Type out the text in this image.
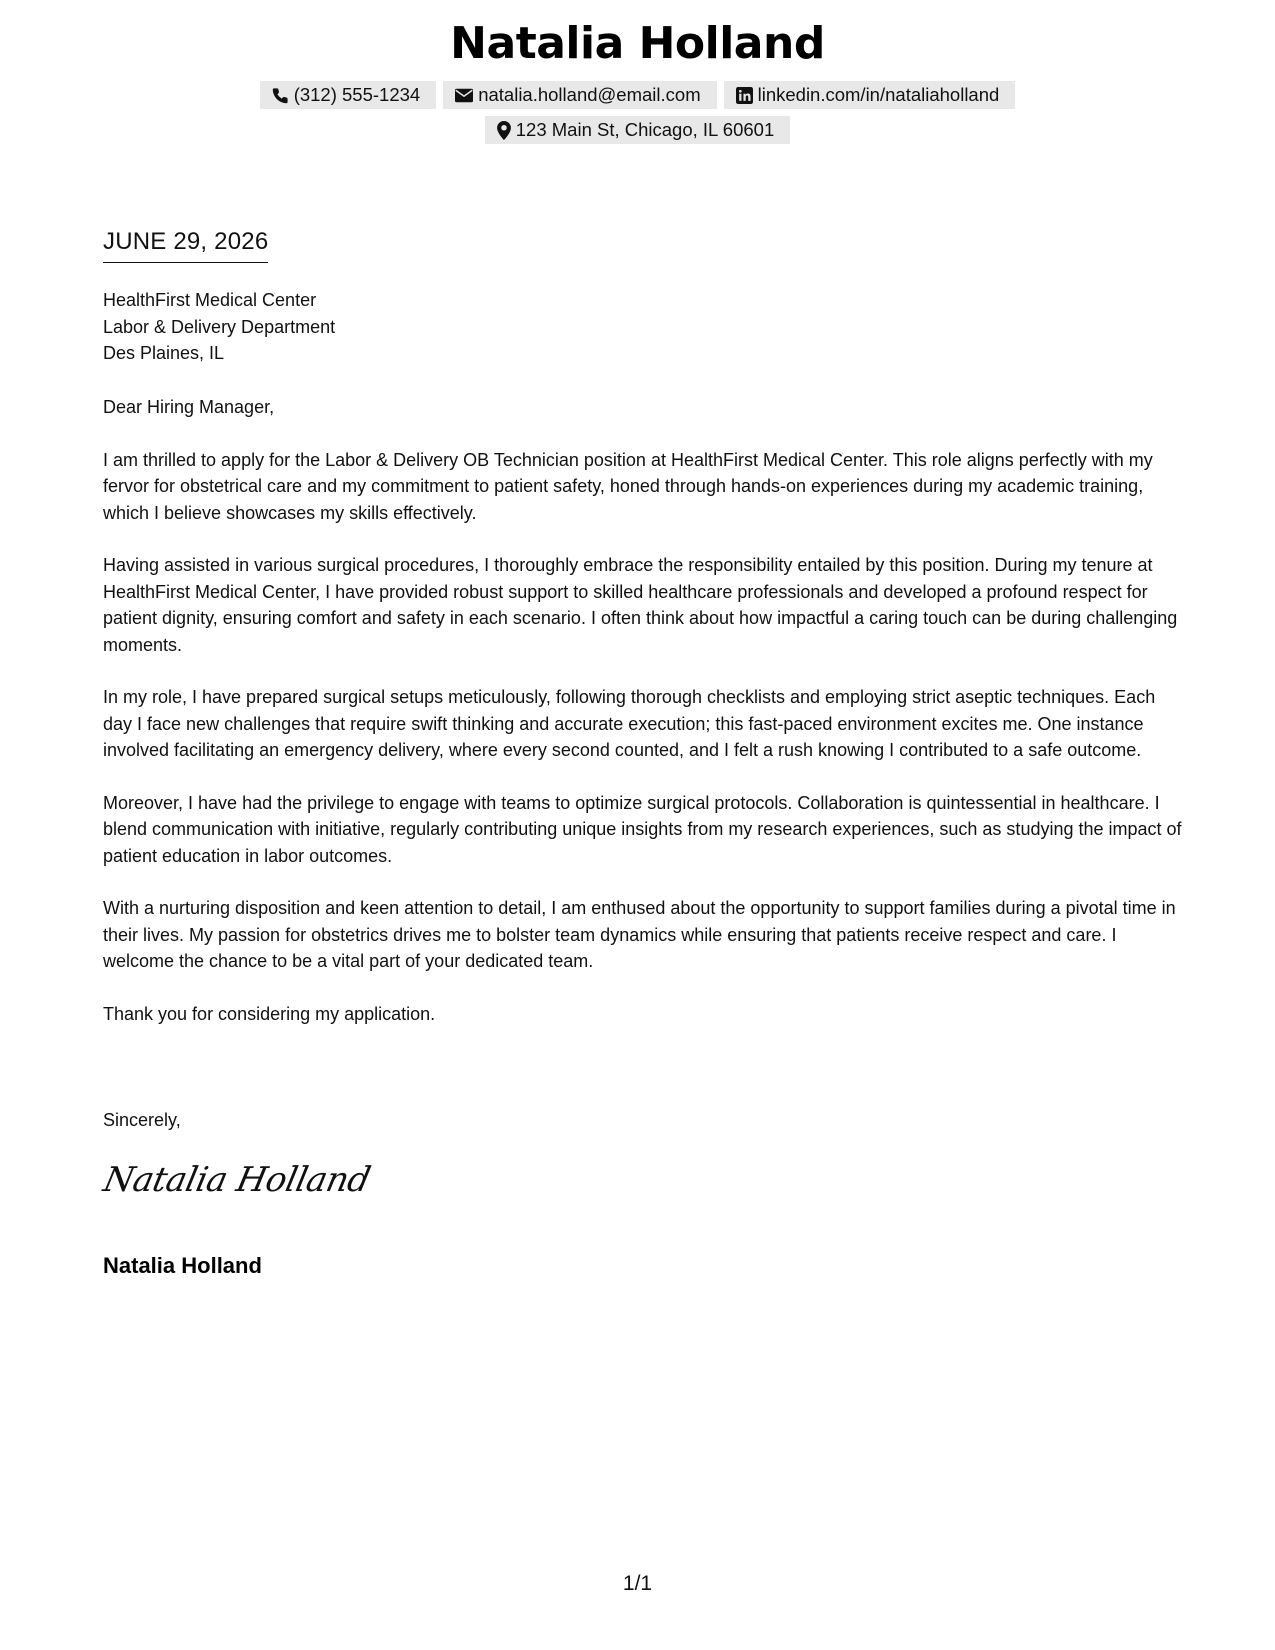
Natalia Holland
(312) 555-1234	natalia.holland@email.com	linkedin.com/in/nataliaholland
123 Main St, Chicago, IL 60601
JUNE 29, 2026
HealthFirst Medical Center
Labor & Delivery Department
Des Plaines, IL

Dear Hiring Manager,

I am thrilled to apply for the Labor & Delivery OB Technician position at HealthFirst Medical Center. This role aligns perfectly with my fervor for obstetrical care and my commitment to patient safety, honed through hands-on experiences during my academic training, which I believe showcases my skills effectively.

Having assisted in various surgical procedures, I thoroughly embrace the responsibility entailed by this position. During my tenure at HealthFirst Medical Center, I have provided robust support to skilled healthcare professionals and developed a profound respect for patient dignity, ensuring comfort and safety in each scenario. I often think about how impactful a caring touch can be during challenging moments.

In my role, I have prepared surgical setups meticulously, following thorough checklists and employing strict aseptic techniques. Each day I face new challenges that require swift thinking and accurate execution; this fast-paced environment excites me. One instance involved facilitating an emergency delivery, where every second counted, and I felt a rush knowing I contributed to a safe outcome.

Moreover, I have had the privilege to engage with teams to optimize surgical protocols. Collaboration is quintessential in healthcare. I blend communication with initiative, regularly contributing unique insights from my research experiences, such as studying the impact of patient education in labor outcomes.

With a nurturing disposition and keen attention to detail, I am enthused about the opportunity to support families during a pivotal time in their lives. My passion for obstetrics drives me to bolster team dynamics while ensuring that patients receive respect and care. I welcome the chance to be a vital part of your dedicated team.

Thank you for considering my application.

Sincerely,
Natalia Holland
Natalia Holland
1/1
